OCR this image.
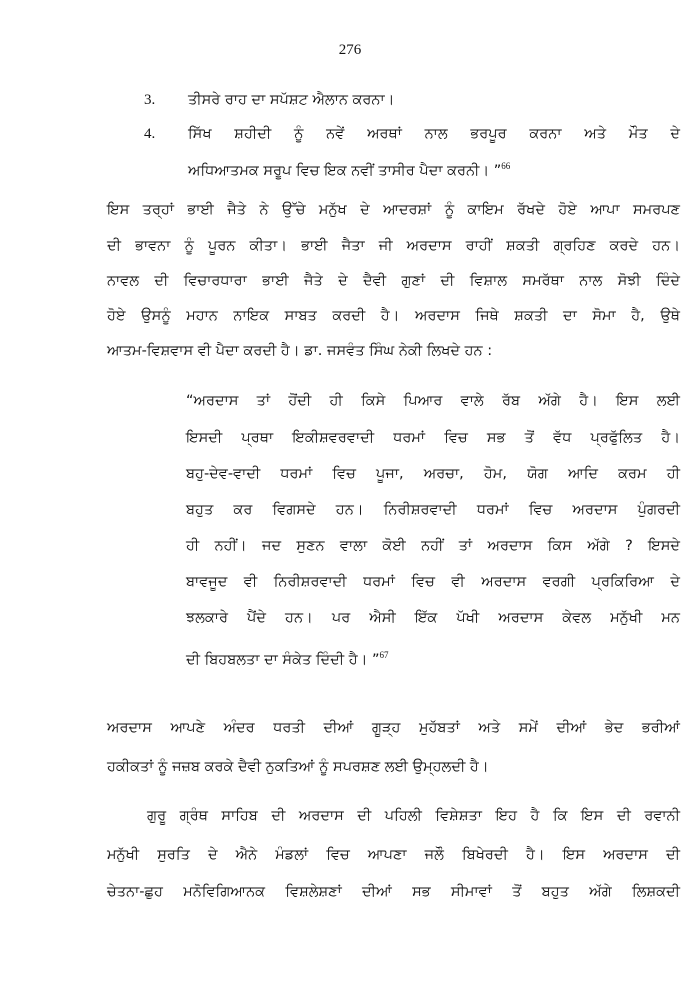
276
3. ਤੀਸਰੇ ਰਾਹ ਦਾ ਸਪੱਸ਼ਟ ਐਲਾਨ ਕਰਨਾ।
4. ਸਿੱਖ ਸ਼ਹੀਦੀ ਨੂੰ ਨਵੇਂ ਅਰਥਾਂ ਨਾਲ ਭਰਪੂਰ ਕਰਨਾ ਅਤੇ ਮੌਤ ਦੇ
ਅਧਿਆਤਮਕ ਸਰੂਪ ਵਿਚ ਇਕ ਨਵੀਂ ਤਾਸੀਰ ਪੈਦਾ ਕਰਨੀ। ”$^{66}$
ਇਸ ਤਰ੍ਹਾਂ ਭਾਈ ਜੈਤੇ ਨੇ ਉੱਚੇ ਮਨੁੱਖ ਦੇ ਆਦਰਸ਼ਾਂ ਨੂੰ ਕਾਇਮ ਰੱਖਦੇ ਹੋਏ ਆਪਾ ਸਮਰਪਣ
ਦੀ ਭਾਵਨਾ ਨੂੰ ਪੂਰਨ ਕੀਤਾ। ਭਾਈ ਜੈਤਾ ਜੀ ਅਰਦਾਸ ਰਾਹੀਂ ਸ਼ਕਤੀ ਗ੍ਰਹਿਣ ਕਰਦੇ ਹਨ।
ਨਾਵਲ ਦੀ ਵਿਚਾਰਧਾਰਾ ਭਾਈ ਜੈਤੇ ਦੇ ਦੈਵੀ ਗੁਣਾਂ ਦੀ ਵਿਸ਼ਾਲ ਸਮਰੱਥਾ ਨਾਲ ਸੋਝੀ ਦਿੰਦੇ
ਹੋਏ ਉਸਨੂੰ ਮਹਾਨ ਨਾਇਕ ਸਾਬਤ ਕਰਦੀ ਹੈ। ਅਰਦਾਸ ਜਿਥੇ ਸ਼ਕਤੀ ਦਾ ਸੋਮਾ ਹੈ, ਉਥੇ
ਆਤਮ-ਵਿਸ਼ਵਾਸ ਵੀ ਪੈਦਾ ਕਰਦੀ ਹੈ। ਡਾ. ਜਸਵੰਤ ਸਿੰਘ ਨੇਕੀ ਲਿਖਦੇ ਹਨ :
“ਅਰਦਾਸ ਤਾਂ ਹੋਂਦੀ ਹੀ ਕਿਸੇ ਪਿਆਰ ਵਾਲੇ ਰੱਬ ਅੱਗੇ ਹੈ। ਇਸ ਲਈ
ਇਸਦੀ ਪ੍ਰਥਾ ਇਕੀਸ਼ਵਰਵਾਦੀ ਧਰਮਾਂ ਵਿਚ ਸਭ ਤੋਂ ਵੱਧ ਪ੍ਰਫੁੱਲਿਤ ਹੈ।
ਬਹੁ-ਦੇਵ-ਵਾਦੀ ਧਰਮਾਂ ਵਿਚ ਪੂਜਾ, ਅਰਚਾ, ਹੋਮ, ਯੋਗ ਆਦਿ ਕਰਮ ਹੀ
ਬਹੁਤ ਕਰ ਵਿਗਸਦੇ ਹਨ। ਨਿਰੀਸ਼ਰਵਾਦੀ ਧਰਮਾਂ ਵਿਚ ਅਰਦਾਸ ਪੁੰਗਰਦੀ
ਹੀ ਨਹੀਂ। ਜਦ ਸੁਣਨ ਵਾਲਾ ਕੋਈ ਨਹੀਂ ਤਾਂ ਅਰਦਾਸ ਕਿਸ ਅੱਗੇ ? ਇਸਦੇ
ਬਾਵਜੂਦ ਵੀ ਨਿਰੀਸ਼ਰਵਾਦੀ ਧਰਮਾਂ ਵਿਚ ਵੀ ਅਰਦਾਸ ਵਰਗੀ ਪ੍ਰਕਿਰਿਆ ਦੇ
ਝਲਕਾਰੇ ਪੈਂਦੇ ਹਨ। ਪਰ ਐਸੀ ਇੱਕ ਪੱਖੀ ਅਰਦਾਸ ਕੇਵਲ ਮਨੁੱਖੀ ਮਨ
ਦੀ ਬਿਹਬਲਤਾ ਦਾ ਸੰਕੇਤ ਦਿੰਦੀ ਹੈ। ”$^{67}$
ਅਰਦਾਸ ਆਪਣੇ ਅੰਦਰ ਧਰਤੀ ਦੀਆਂ ਗੂੜ੍ਹ ਮੁਹੱਬਤਾਂ ਅਤੇ ਸਮੇਂ ਦੀਆਂ ਭੇਦ ਭਰੀਆਂ
ਹਕੀਕਤਾਂ ਨੂੰ ਜਜ਼ਬ ਕਰਕੇ ਦੈਵੀ ਨੁਕਤਿਆਂ ਨੂੰ ਸਪਰਸ਼ਣ ਲਈ ਉਮ੍ਹਲਦੀ ਹੈ।
ਗੁਰੂ ਗ੍ਰੰਥ ਸਾਹਿਬ ਦੀ ਅਰਦਾਸ ਦੀ ਪਹਿਲੀ ਵਿਸ਼ੇਸ਼ਤਾ ਇਹ ਹੈ ਕਿ ਇਸ ਦੀ ਰਵਾਨੀ
ਮਨੁੱਖੀ ਸੁਰਤਿ ਦੇ ਐਨੇ ਮੰਡਲਾਂ ਵਿਚ ਆਪਣਾ ਜਲੌ ਬਿਖੇਰਦੀ ਹੈ। ਇਸ ਅਰਦਾਸ ਦੀ
ਚੇਤਨਾ-ਛੁਹ ਮਨੋਵਿਗਿਆਨਕ ਵਿਸ਼ਲੇਸ਼ਣਾਂ ਦੀਆਂ ਸਭ ਸੀਮਾਵਾਂ ਤੋਂ ਬਹੁਤ ਅੱਗੇ ਲਿਸ਼ਕਦੀ
